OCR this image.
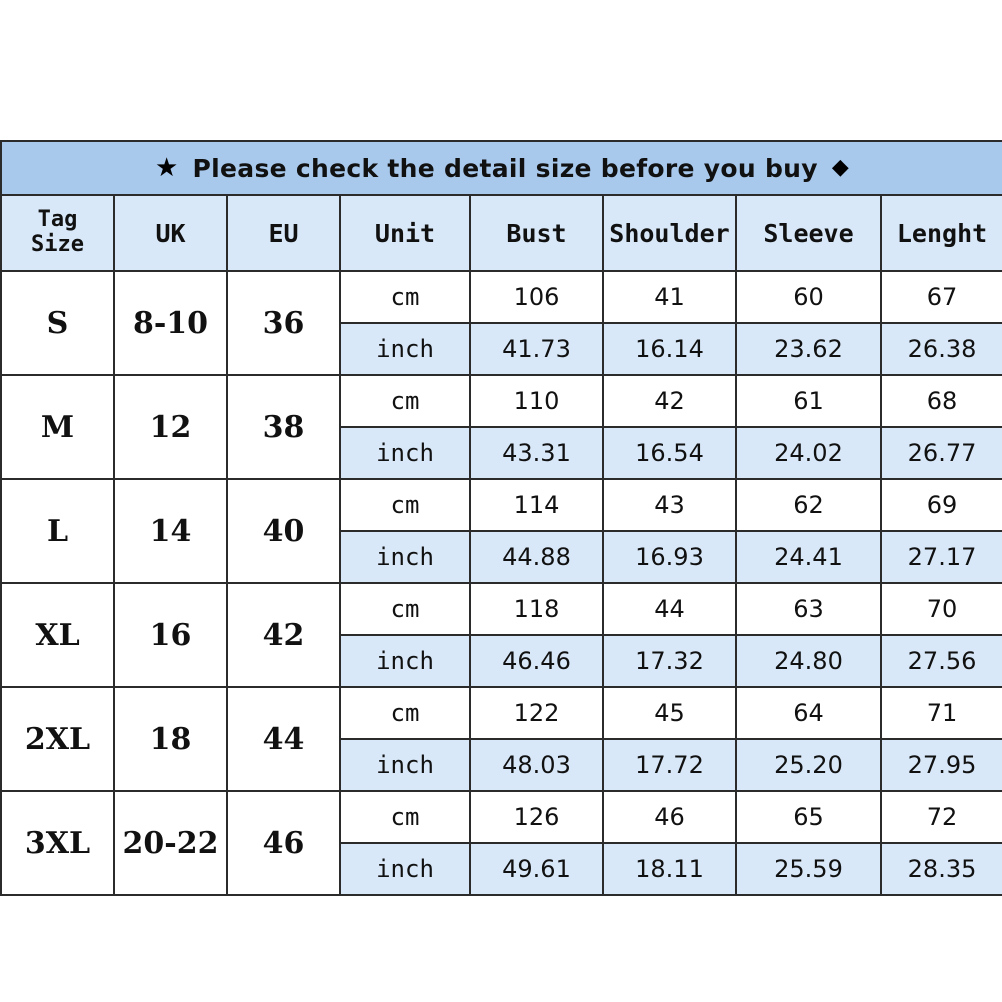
★ Please check the detail size before you buy ◆							

Tag
Size	UK	EU	Unit	Bust	Shoulder	Sleeve	Lenght
S	8-10	36	cm	106	41	60	67
			inch	41.73	16.14	23.62	26.38
M	12	38	cm	110	42	61	68
			inch	43.31	16.54	24.02	26.77
L	14	40	cm	114	43	62	69
			inch	44.88	16.93	24.41	27.17
XL	16	42	cm	118	44	63	70
			inch	46.46	17.32	24.80	27.56
2XL	18	44	cm	122	45	64	71
			inch	48.03	17.72	25.20	27.95
3XL	20-22	46	cm	126	46	65	72
			inch	49.61	18.11	25.59	28.35
